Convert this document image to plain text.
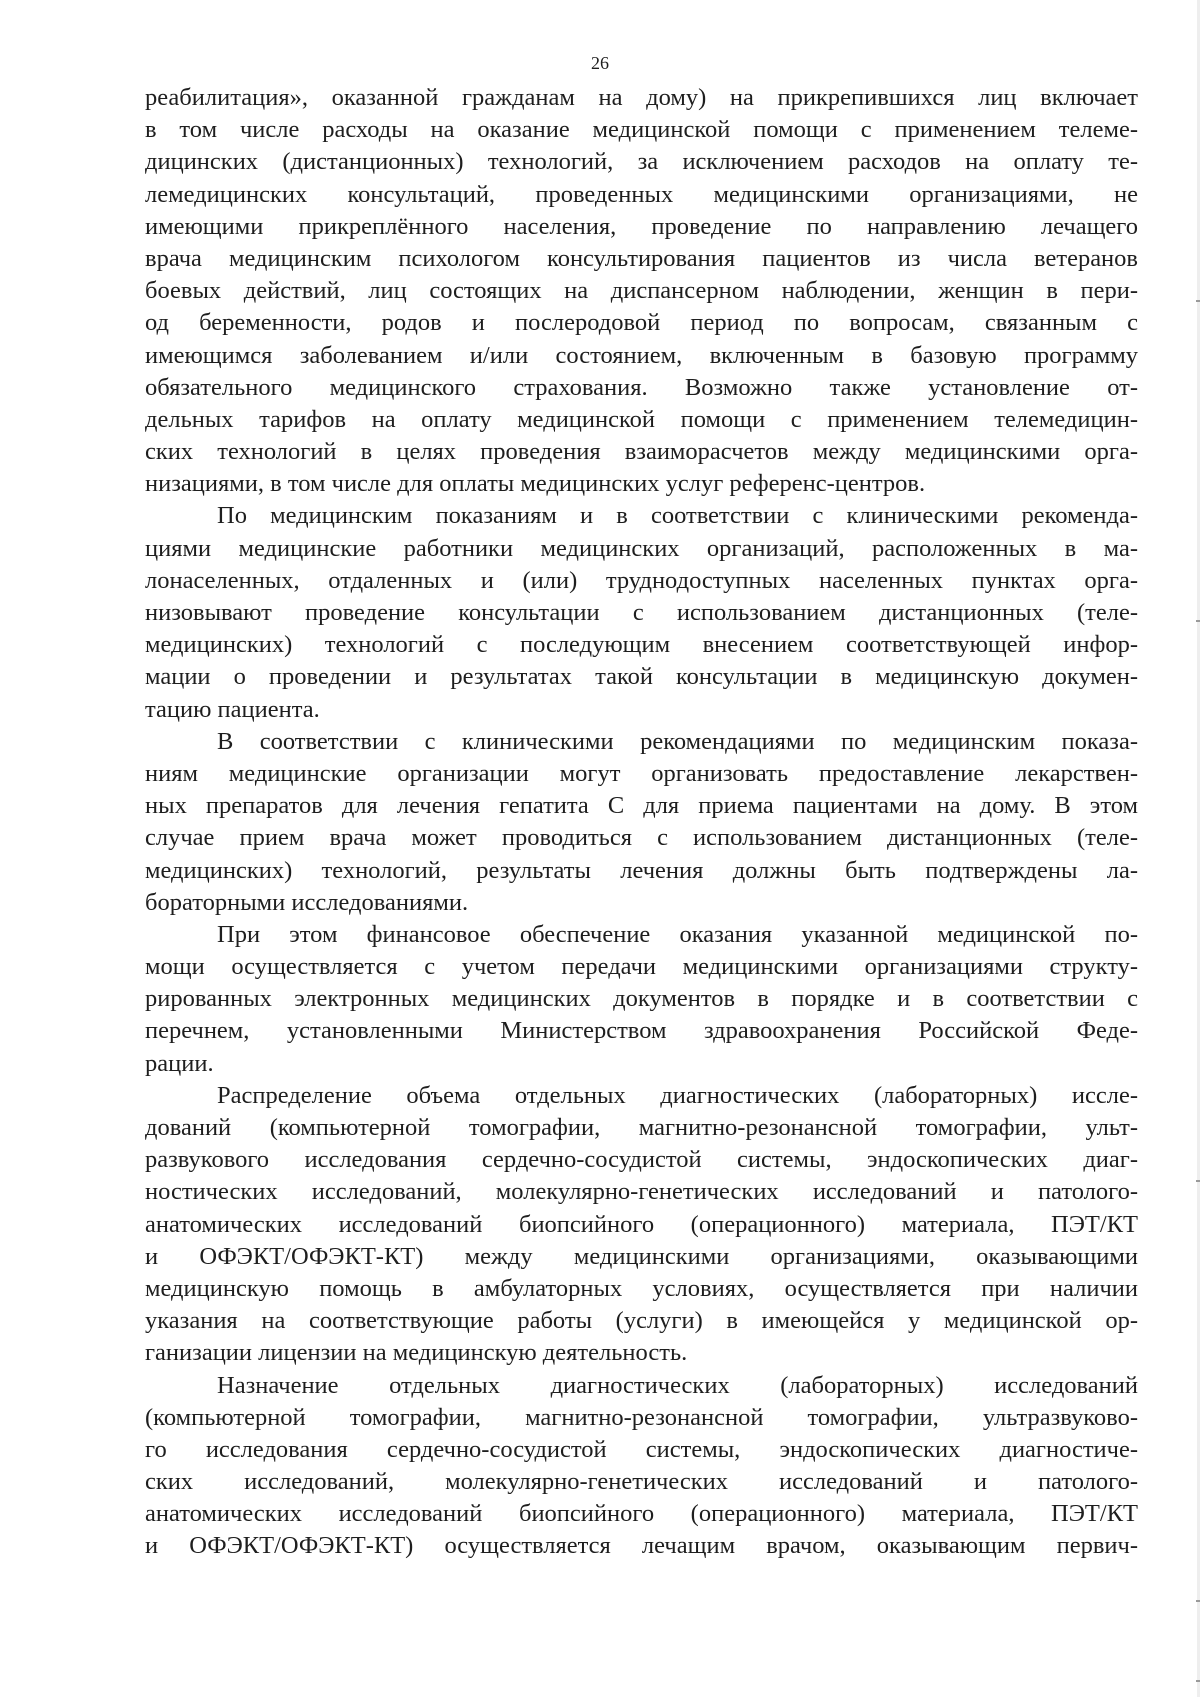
26
реабилитация», оказанной гражданам на дому) на прикрепившихся лиц включает
в том числе расходы на оказание медицинской помощи с применением телеме-
дицинских (дистанционных) технологий, за исключением расходов на оплату те-
лемедицинских консультаций, проведенных медицинскими организациями, не
имеющими прикреплённого населения, проведение по направлению лечащего
врача медицинским психологом консультирования пациентов из числа ветеранов
боевых действий, лиц состоящих на диспансерном наблюдении, женщин в пери-
од беременности, родов и послеродовой период по вопросам, связанным с
имеющимся заболеванием и/или состоянием, включенным в базовую программу
обязательного медицинского страхования. Возможно также установление от-
дельных тарифов на оплату медицинской помощи с применением телемедицин-
ских технологий в целях проведения взаиморасчетов между медицинскими орга-
низациями, в том числе для оплаты медицинских услуг референс-центров.
По медицинским показаниям и в соответствии с клиническими рекоменда-
циями медицинские работники медицинских организаций, расположенных в ма-
лонаселенных, отдаленных и (или) труднодоступных населенных пунктах орга-
низовывают проведение консультации с использованием дистанционных (теле-
медицинских) технологий с последующим внесением соответствующей инфор-
мации о проведении и результатах такой консультации в медицинскую докумен-
тацию пациента.
В соответствии с клиническими рекомендациями по медицинским показа-
ниям медицинские организации могут организовать предоставление лекарствен-
ных препаратов для лечения гепатита С для приема пациентами на дому. В этом
случае прием врача может проводиться с использованием дистанционных (теле-
медицинских) технологий, результаты лечения должны быть подтверждены ла-
бораторными исследованиями.
При этом финансовое обеспечение оказания указанной медицинской по-
мощи осуществляется с учетом передачи медицинскими организациями структу-
рированных электронных медицинских документов в порядке и в соответствии с
перечнем, установленными Министерством здравоохранения Российской Феде-
рации.
Распределение объема отдельных диагностических (лабораторных) иссле-
дований (компьютерной томографии, магнитно-резонансной томографии, ульт-
развукового исследования сердечно-сосудистой системы, эндоскопических диаг-
ностических исследований, молекулярно-генетических исследований и патолого-
анатомических исследований биопсийного (операционного) материала, ПЭТ/КТ
и ОФЭКТ/ОФЭКТ-КТ) между медицинскими организациями, оказывающими
медицинскую помощь в амбулаторных условиях, осуществляется при наличии
указания на соответствующие работы (услуги) в имеющейся у медицинской ор-
ганизации лицензии на медицинскую деятельность.
Назначение отдельных диагностических (лабораторных) исследований
(компьютерной томографии, магнитно-резонансной томографии, ультразвуково-
го исследования сердечно-сосудистой системы, эндоскопических диагностиче-
ских исследований, молекулярно-генетических исследований и патолого-
анатомических исследований биопсийного (операционного) материала, ПЭТ/КТ
и ОФЭКТ/ОФЭКТ-КТ) осуществляется лечащим врачом, оказывающим первич-
